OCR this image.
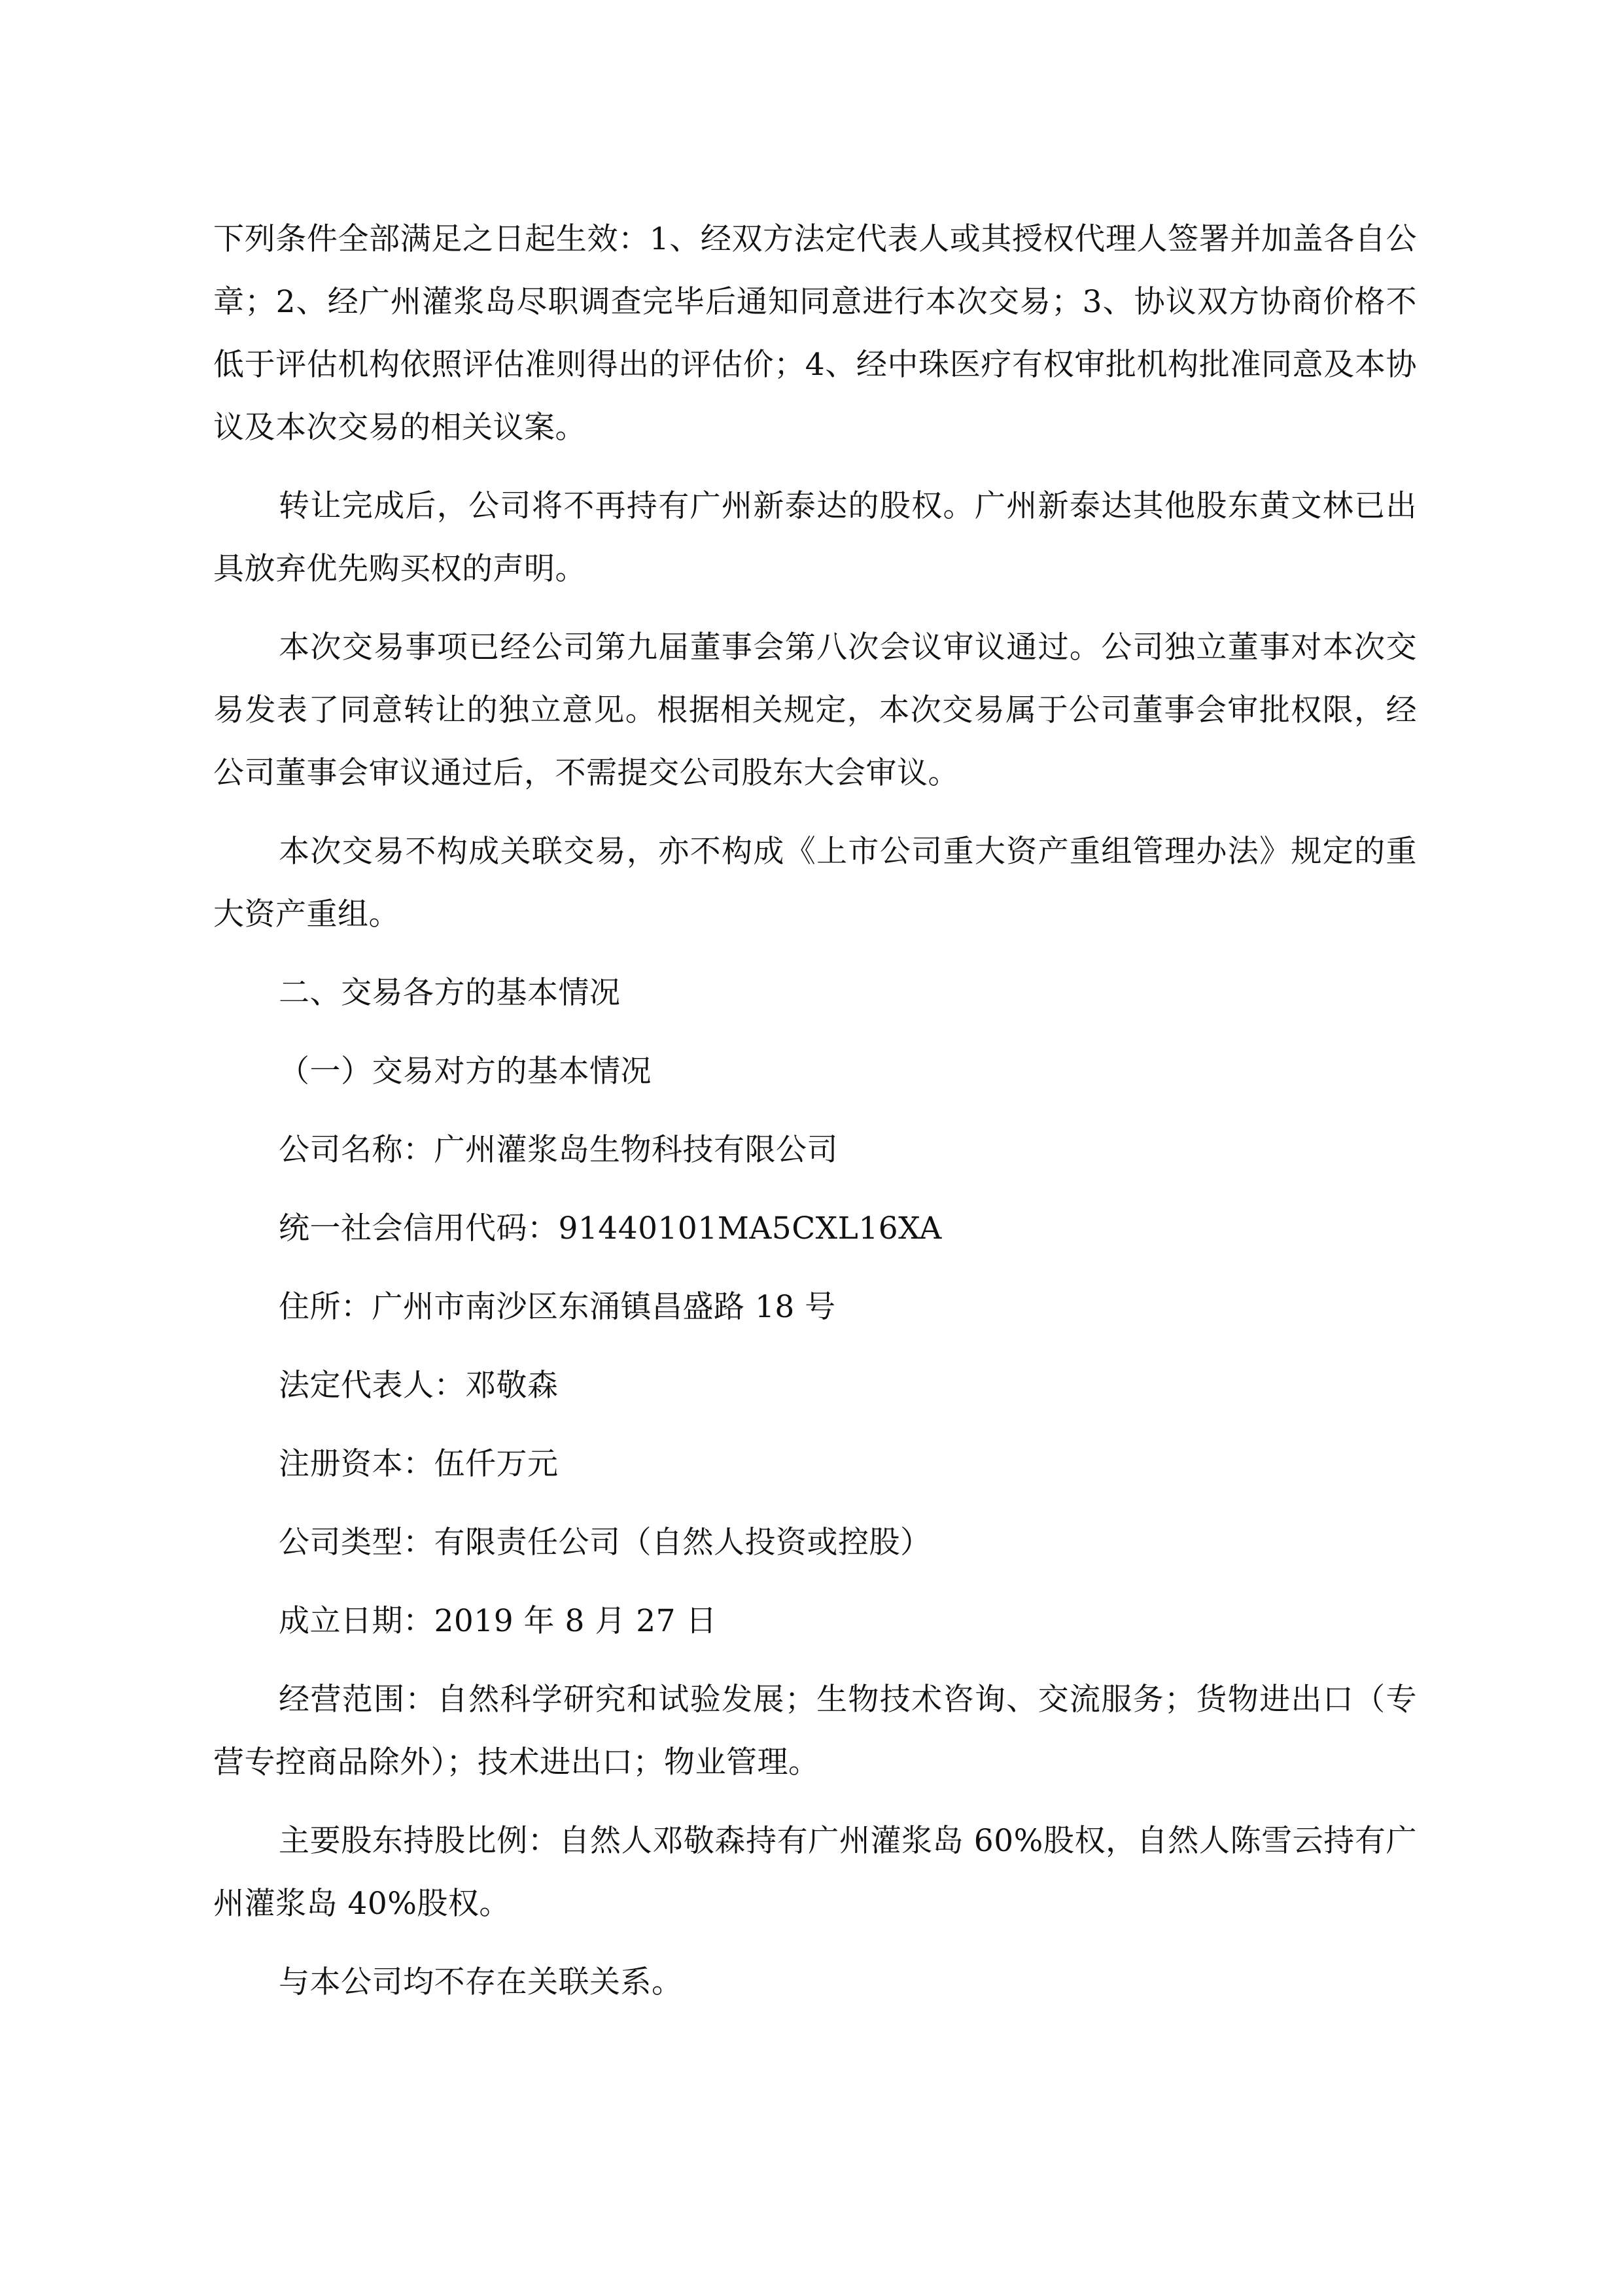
下列条件全部满足之日起生效：1、经双方法定代表人或其授权代理人签署并加盖各自公章；2、经广州灌浆岛尽职调查完毕后通知同意进行本次交易；3、协议双方协商价格不低于评估机构依照评估准则得出的评估价；4、经中珠医疗有权审批机构批准同意及本协议及本次交易的相关议案。

转让完成后，公司将不再持有广州新泰达的股权。广州新泰达其他股东黄文林已出具放弃优先购买权的声明。

本次交易事项已经公司第九届董事会第八次会议审议通过。公司独立董事对本次交易发表了同意转让的独立意见。根据相关规定，本次交易属于公司董事会审批权限，经公司董事会审议通过后，不需提交公司股东大会审议。

本次交易不构成关联交易，亦不构成《上市公司重大资产重组管理办法》规定的重大资产重组。

二、交易各方的基本情况

（一）交易对方的基本情况

公司名称：广州灌浆岛生物科技有限公司

统一社会信用代码：91440101MA5CXL16XA

住所：广州市南沙区东涌镇昌盛路 18 号

法定代表人：邓敬森

注册资本：伍仟万元

公司类型：有限责任公司（自然人投资或控股）

成立日期：2019 年 8 月 27 日

经营范围：自然科学研究和试验发展；生物技术咨询、交流服务；货物进出口（专营专控商品除外）；技术进出口；物业管理。

主要股东持股比例：自然人邓敬森持有广州灌浆岛 60%股权，自然人陈雪云持有广州灌浆岛 40%股权。

与本公司均不存在关联关系。
